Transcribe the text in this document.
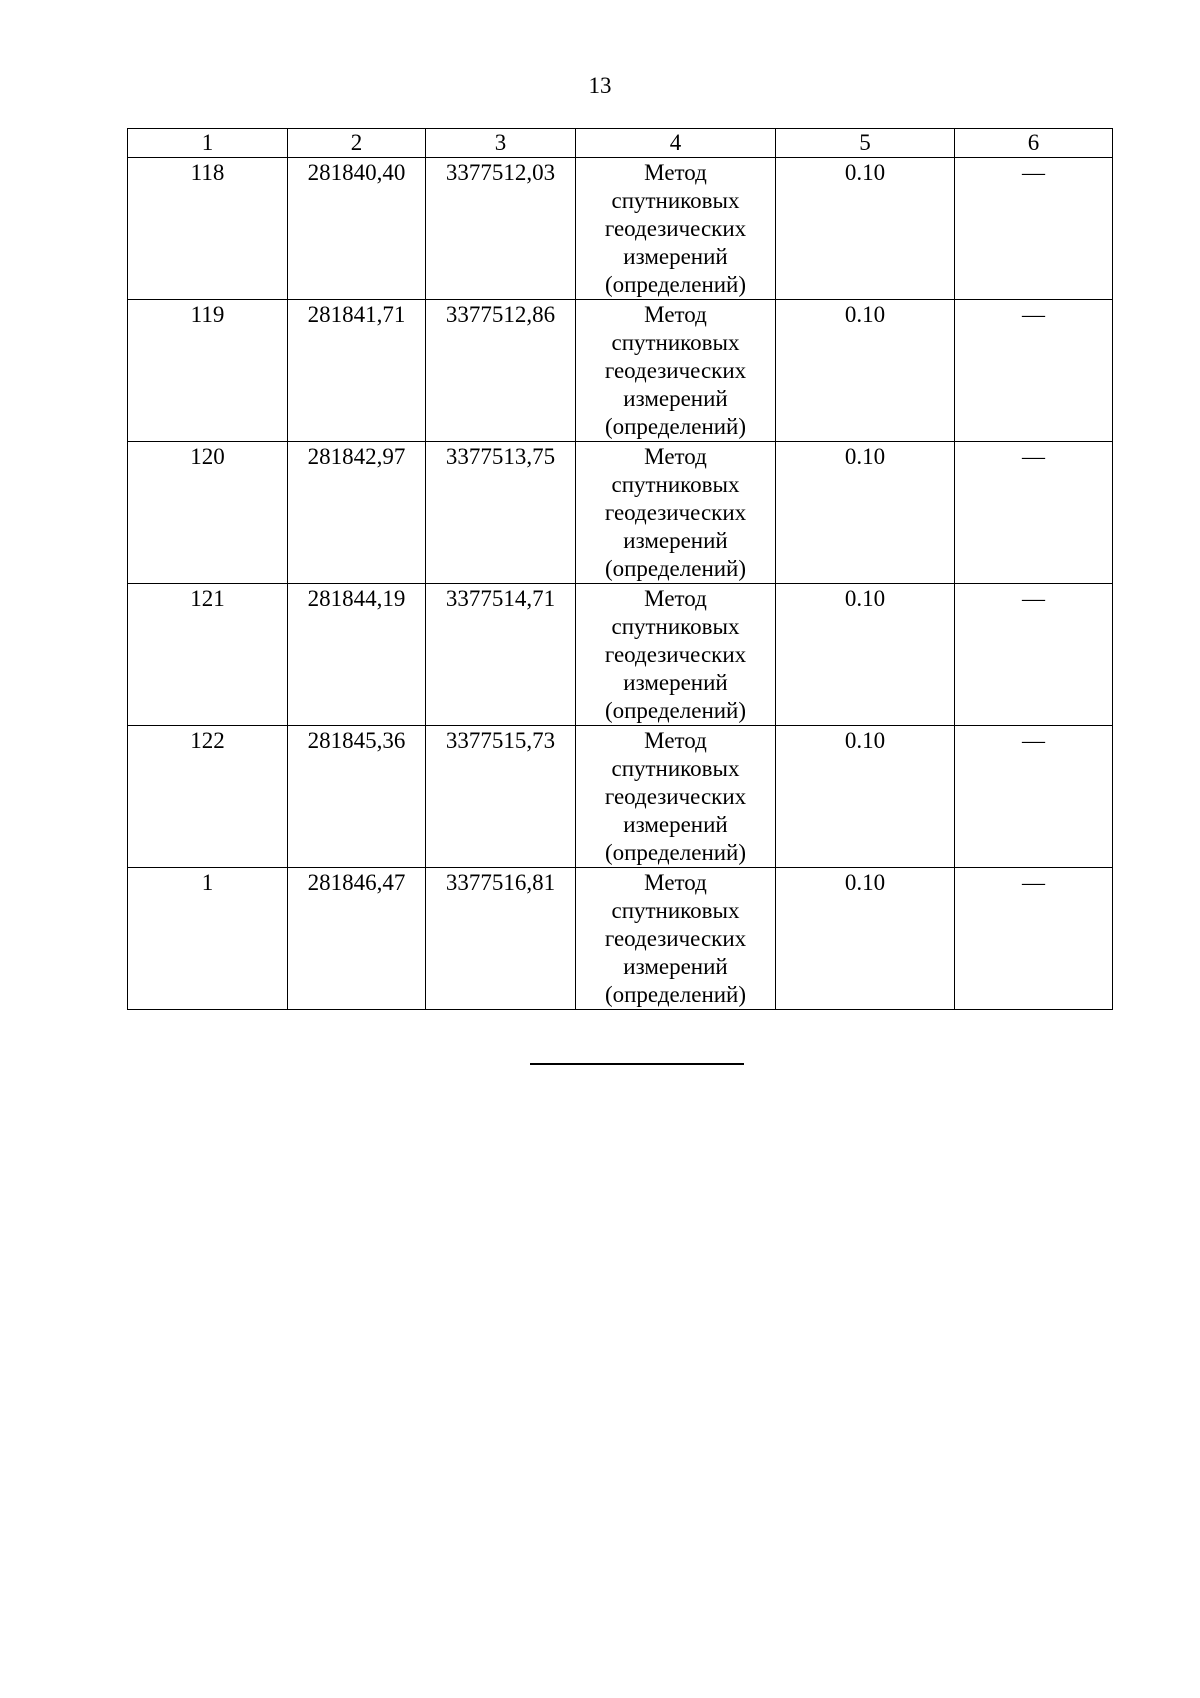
13
1	2	3	4	5	6
118	281840,40	3377512,03	Метод
спутниковых
геодезических
измерений
(определений)	0.10	—
119	281841,71	3377512,86	Метод
спутниковых
геодезических
измерений
(определений)	0.10	—
120	281842,97	3377513,75	Метод
спутниковых
геодезических
измерений
(определений)	0.10	—
121	281844,19	3377514,71	Метод
спутниковых
геодезических
измерений
(определений)	0.10	—
122	281845,36	3377515,73	Метод
спутниковых
геодезических
измерений
(определений)	0.10	—
1	281846,47	3377516,81	Метод
спутниковых
геодезических
измерений
(определений)	0.10	—
